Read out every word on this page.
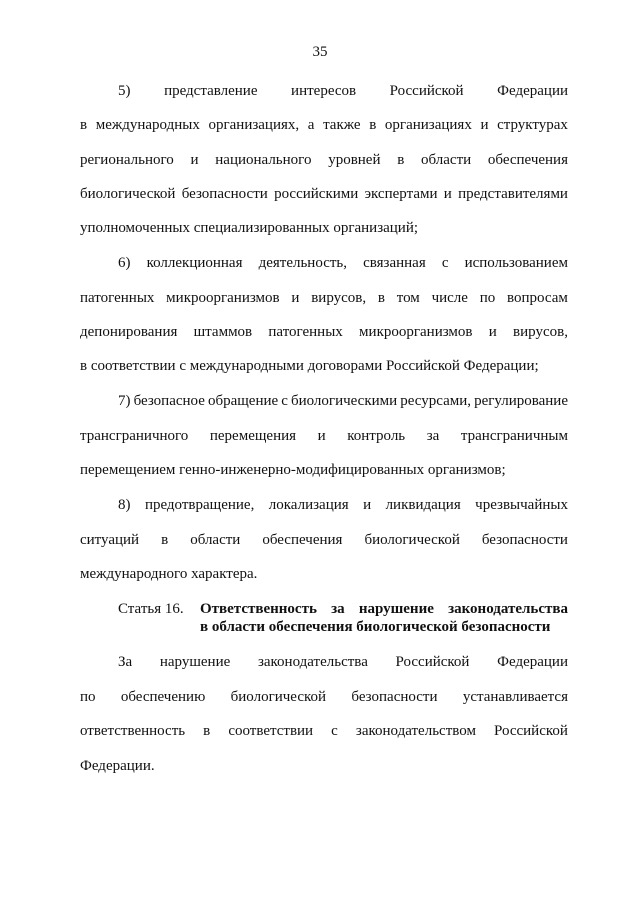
35
5) представление интересов Российской Федерации
в международных организациях, а также в организациях и структурах
регионального и национального уровней в области обеспечения
биологической безопасности российскими экспертами и представителями
уполномоченных специализированных организаций;
6) коллекционная деятельность, связанная с использованием
патогенных микроорганизмов и вирусов, в том числе по вопросам
депонирования штаммов патогенных микроорганизмов и вирусов,
в соответствии с международными договорами Российской Федерации;
7) безопасное обращение с биологическими ресурсами, регулирование
трансграничного перемещения и контроль за трансграничным
перемещением генно-инженерно-модифицированных организмов;
8) предотвращение, локализация и ликвидация чрезвычайных
ситуаций в области обеспечения биологической безопасности
международного характера.
Статья 16. Ответственность за нарушение законодательства
в области обеспечения биологической безопасности
За нарушение законодательства Российской Федерации
по обеспечению биологической безопасности устанавливается
ответственность в соответствии с законодательством Российской
Федерации.
